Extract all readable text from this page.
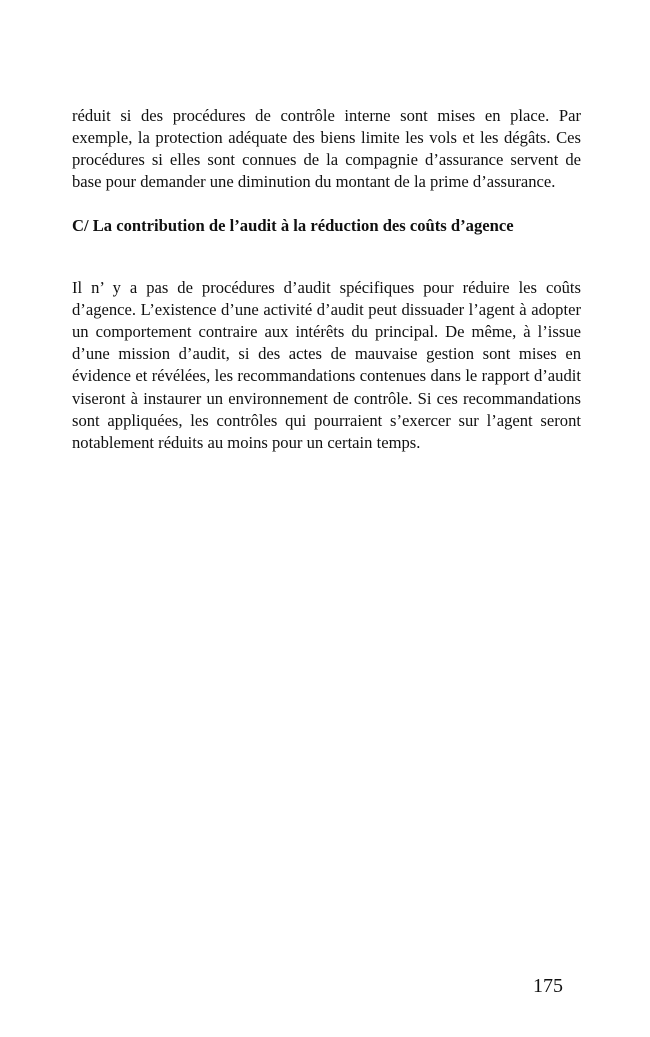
réduit si des procédures de contrôle interne sont mises en place. Par exemple, la protection adéquate des biens limite les vols et les dégâts. Ces procédures si elles sont connues de la compagnie d’assurance servent de base pour demander une diminution du montant de la prime d’assurance.

C/ La contribution de l’audit à la réduction des coûts d’agence

Il n’ y a pas de procédures d’audit spécifiques pour réduire les coûts d’agence. L’existence d’une activité d’audit peut dissuader l’agent à adopter un comportement contraire aux intérêts du principal. De même, à l’issue d’une mission d’audit, si des actes de mauvaise gestion sont mises en évidence et révélées, les recommandations contenues dans le rapport d’audit viseront à instaurer un environnement de contrôle. Si ces recommandations sont appliquées, les contrôles qui pourraient s’exercer sur l’agent seront notablement réduits au moins pour un certain temps.

175
